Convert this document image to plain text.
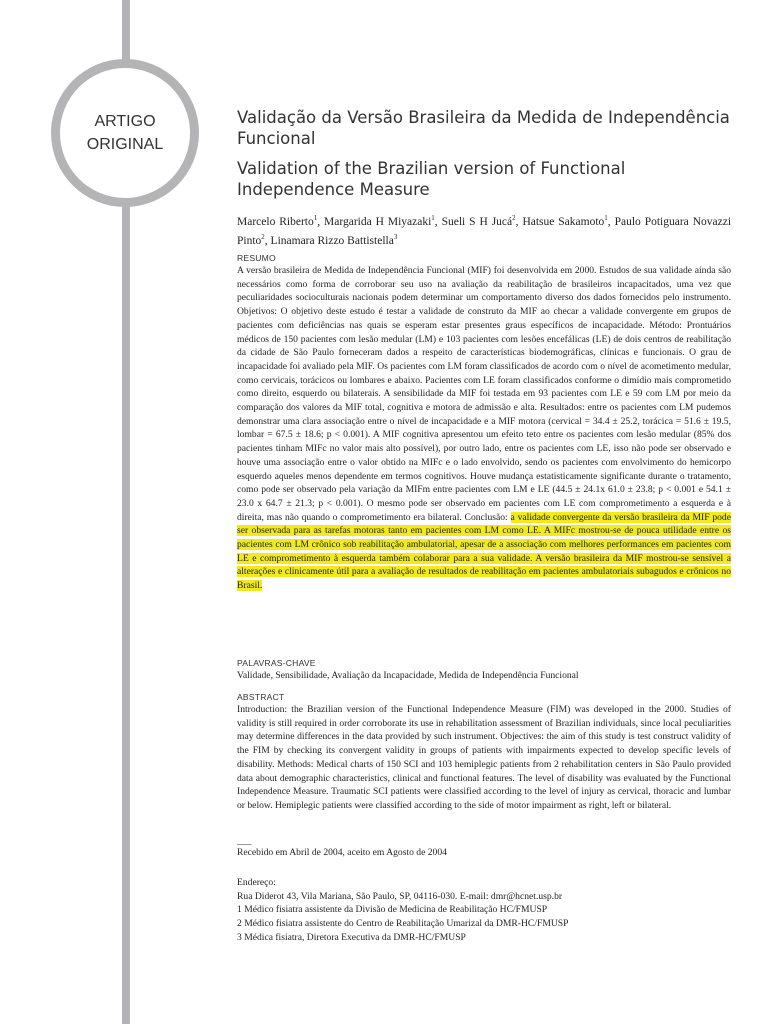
ARTIGO
ORIGINAL
Validação da Versão Brasileira da Medida de Independência Funcional
Validation of the Brazilian version of Functional Independence Measure
Marcelo Riberto$^1$, Margarida H Miyazaki$^1$, Sueli S H Jucá$^2$, Hatsue Sakamoto$^1$, Paulo Potiguara Novazzi Pinto$^2$, Linamara Rizzo Battistella$^3$
RESUMO
A versão brasileira de Medida de Independência Funcional (MIF) foi desenvolvida em 2000. Estudos de sua validade ainda são necessários como forma de corroborar seu uso na avaliação da reabilitação de brasileiros incapacitados, uma vez que peculiaridades socioculturais nacionais podem determinar um comportamento diverso dos dados fornecidos pelo instrumento. Objetivos: O objetivo deste estudo é testar a validade de construto da MIF ao checar a validade convergente em grupos de pacientes com deficiências nas quais se esperam estar presentes graus específicos de incapacidade. Método: Prontuários médicos de 150 pacientes com lesão medular (LM) e 103 pacientes com lesões encefálicas (LE) de dois centros de reabilitação da cidade de São Paulo forneceram dados a respeito de características biodemográficas, clínicas e funcionais. O grau de incapacidade foi avaliado pela MIF. Os pacientes com LM foram classificados de acordo com o nível de acometimento medular, como cervicais, torácicos ou lombares e abaixo. Pacientes com LE foram classificados conforme o dimídio mais comprometido como direito, esquerdo ou bilaterais. A sensibilidade da MIF foi testada em 93 pacientes com LE e 59 com LM por meio da comparação dos valores da MIF total, cognitiva e motora de admissão e alta. Resultados: entre os pacientes com LM pudemos demonstrar uma clara associação entre o nível de incapacidade e a MIF motora (cervical = 34.4 ± 25.2, torácica = 51.6 ± 19.5, lombar = 67.5 ± 18.6; p < 0.001). A MIF cognitiva apresentou um efeito teto entre os pacientes com lesão medular (85% dos pacientes tinham MIFc no valor mais alto possível), por outro lado, entre os pacientes com LE, isso não pode ser observado e houve uma associação entre o valor obtido na MIFc e o lado envolvido, sendo os pacientes com envolvimento do hemicorpo esquerdo aqueles menos dependente em termos cognitivos. Houve mudança estatisticamente significante durante o tratamento, como pode ser observado pela variação da MIFm entre pacientes com LM e LE (44.5 ± 24.1x 61.0 ± 23.8; p < 0.001 e 54.1 ± 23.0 x 64.7 ± 21.3; p < 0.001). O mesmo pode ser observado em pacientes com LE com comprometimento a esquerda e à direita, mas não quando o comprometimento era bilateral. Conclusão: a validade convergente da versão brasileira da MIF pode ser observada para as tarefas motoras tanto em pacientes com LM como LE. A MIFc mostrou-se de pouca utilidade entre os pacientes com LM crônico sob reabilitação ambulatorial, apesar de a associação com melhores performances em pacientes com LE e comprometimento à esquerda também colaborar para a sua validade. A versão brasileira da MIF mostrou-se sensível a alterações e clinicamente útil para a avaliação de resultados de reabilitação em pacientes ambulatoriais subagudos e crônicos no Brasil.
PALAVRAS-CHAVE
Validade, Sensibilidade, Avaliação da Incapacidade, Medida de Independência Funcional
ABSTRACT
Introduction: the Brazilian version of the Functional Independence Measure (FIM) was developed in the 2000. Studies of validity is still required in order corroborate its use in rehabilitation assessment of Brazilian individuals, since local peculiarities may determine differences in the data provided by such instrument. Objectives: the aim of this study is test construct validity of the FIM by checking its convergent validity in groups of patients with impairments expected to develop specific levels of disability. Methods: Medical charts of 150 SCI and 103 hemiplegic patients from 2 rehabilitation centers in São Paulo provided data about demographic characteristics, clinical and functional features. The level of disability was evaluated by the Functional Independence Measure. Traumatic SCI patients were classified according to the level of injury as cervical, thoracic and lumbar or below. Hemiplegic patients were classified according to the side of motor impairment as right, left or bilateral.
___
Recebido em Abril de 2004, aceito em Agosto de 2004
Endereço:
Rua Diderot 43, Vila Mariana, São Paulo, SP, 04116-030. E-mail: dmr@hcnet.usp.br
1 Médico fisiatra assistente da Divisão de Medicina de Reabilitação HC/FMUSP
2 Médico fisiatra assistente do Centro de Reabilitação Umarizal da DMR-HC/FMUSP
3 Médica fisiatra, Diretora Executiva da DMR-HC/FMUSP
